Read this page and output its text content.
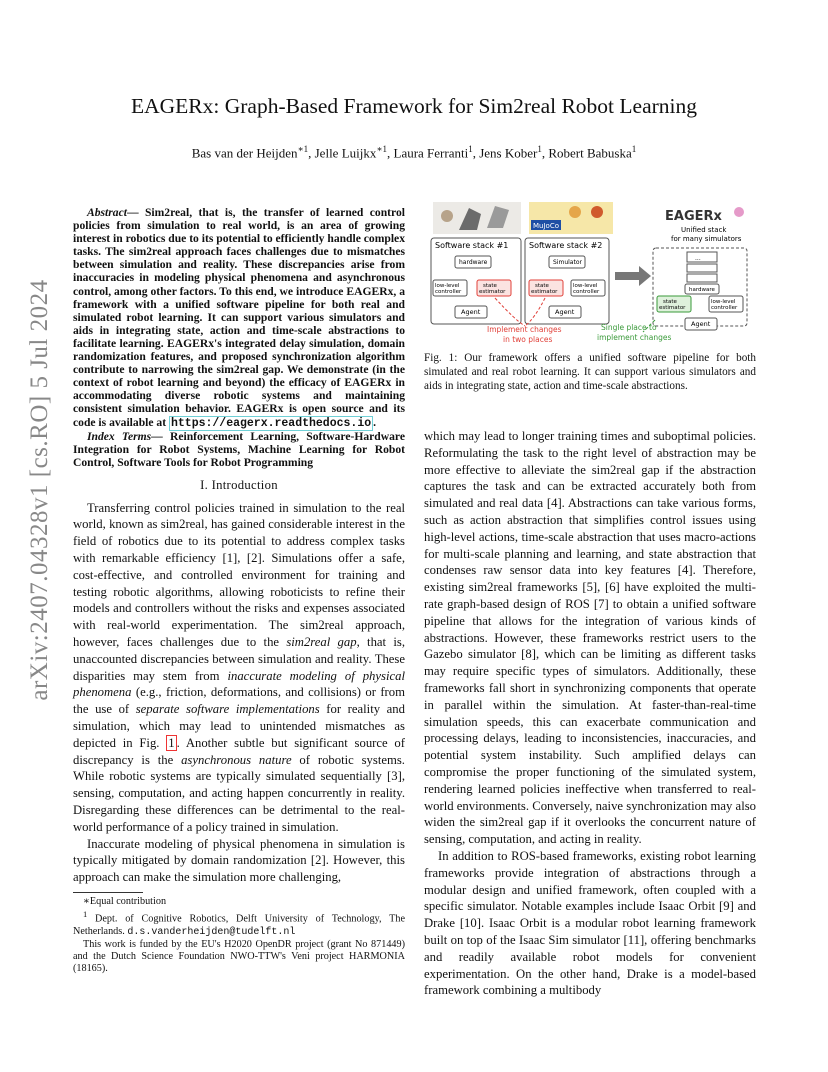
arXiv:2407.04328v1 [cs.RO] 5 Jul 2024
EAGERx: Graph-Based Framework for Sim2real Robot Learning
Bas van der Heijden$^{∗1}$, Jelle Luijkx$^{∗1}$, Laura Ferranti$^1$, Jens Kober$^1$, Robert Babuska$^1$

Abstract— Sim2real, that is, the transfer of learned control policies from simulation to real world, is an area of growing interest in robotics due to its potential to efficiently handle complex tasks. The sim2real approach faces challenges due to mismatches between simulation and reality. These discrepancies arise from inaccuracies in modeling physical phenomena and asynchronous control, among other factors. To this end, we introduce EAGERx, a framework with a unified software pipeline for both real and simulated robot learning. It can support various simulators and aids in integrating state, action and time-scale abstractions to facilitate learning. EAGERx's integrated delay simulation, domain randomization features, and proposed synchronization algorithm contribute to narrowing the sim2real gap. We demonstrate (in the context of robot learning and beyond) the efficacy of EAGERx in accommodating diverse robotic systems and maintaining consistent simulation behavior. EAGERx is open source and its code is available at https://eagerx.readthedocs.io .

Index Terms— Reinforcement Learning, Software-Hardware Integration for Robot Systems, Machine Learning for Robot Control, Software Tools for Robot Programming

I. Introduction

Transferring control policies trained in simulation to the real world, known as sim2real, has gained considerable interest in the field of robotics due to its potential to address complex tasks with remarkable efficiency [1], [2]. Simulations offer a safe, cost-effective, and controlled environment for training and testing robotic algorithms, allowing roboticists to refine their models and controllers without the risks and expenses associated with real-world experimentation. The sim2real approach, however, faces challenges due to the sim2real gap, that is, unaccounted discrepancies between simulation and reality. These disparities may stem from inaccurate modeling of physical phenomena (e.g., friction, deformations, and collisions) or from the use of separate software implementations for reality and simulation, which may lead to unintended mismatches as depicted in Fig. 1 . Another subtle but significant source of discrepancy is the asynchronous nature of robotic systems. While robotic systems are typically simulated sequentially [3], sensing, computation, and acting happen concurrently in reality. Disregarding these differences can be detrimental to the real-world performance of a policy trained in simulation.

Inaccurate modeling of physical phenomena in simulation is typically mitigated by domain randomization [2]. However, this approach can make the simulation more challenging,

∗Equal contribution

$^1$ Dept. of Cognitive Robotics, Delft University of Technology, The Netherlands. d.s.vanderheijden@tudelft.nl

This work is funded by the EU's H2020 OpenDR project (grant No 871449) and the Dutch Science Foundation NWO-TTW's Veni project HARMONIA (18165).

MuJoCo
Software stack #1
hardware
low-level
controller
state
estimator
Agent
Software stack #2
Simulator
state
estimator
low-level
controller
Agent
Implement changes
in two places
EAGERx
Unified stack
for many simulators
...
hardware
state
estimator
low-level
controller
Agent
Single place to
implement changes
Fig. 1: Our framework offers a unified software pipeline for both simulated and real robot learning. It can support various simulators and aids in integrating state, action and time-scale abstractions.

which may lead to longer training times and suboptimal policies. Reformulating the task to the right level of abstraction may be more effective to alleviate the sim2real gap if the abstraction captures the task and can be extracted accurately both from simulated and real data [4]. Abstractions can take various forms, such as action abstraction that simplifies control issues using high-level actions, time-scale abstraction that uses macro-actions for multi-scale planning and learning, and state abstraction that condenses raw sensor data into key features [4]. Therefore, existing sim2real frameworks [5], [6] have exploited the multi-rate graph-based design of ROS [7] to obtain a unified software pipeline that allows for the integration of various kinds of abstractions. However, these frameworks restrict users to the Gazebo simulator [8], which can be limiting as different tasks may require specific types of simulators. Additionally, these frameworks fall short in synchronizing components that operate in parallel within the simulation. At faster-than-real-time simulation speeds, this can exacerbate communication and processing delays, leading to inconsistencies, inaccuracies, and potential system instability. Such amplified delays can compromise the proper functioning of the simulated system, rendering learned policies ineffective when transferred to real-world environments. Conversely, naive synchronization may also widen the sim2real gap if it overlooks the concurrent nature of sensing, computation, and acting in reality.

In addition to ROS-based frameworks, existing robot learning frameworks provide integration of abstractions through a modular design and unified framework, often coupled with a specific simulator. Notable examples include Isaac Orbit [9] and Drake [10]. Isaac Orbit is a modular robot learning framework built on top of the Isaac Sim simulator [11], offering benchmarks and readily available robot models for convenient experimentation. On the other hand, Drake is a model-based framework combining a multibody
